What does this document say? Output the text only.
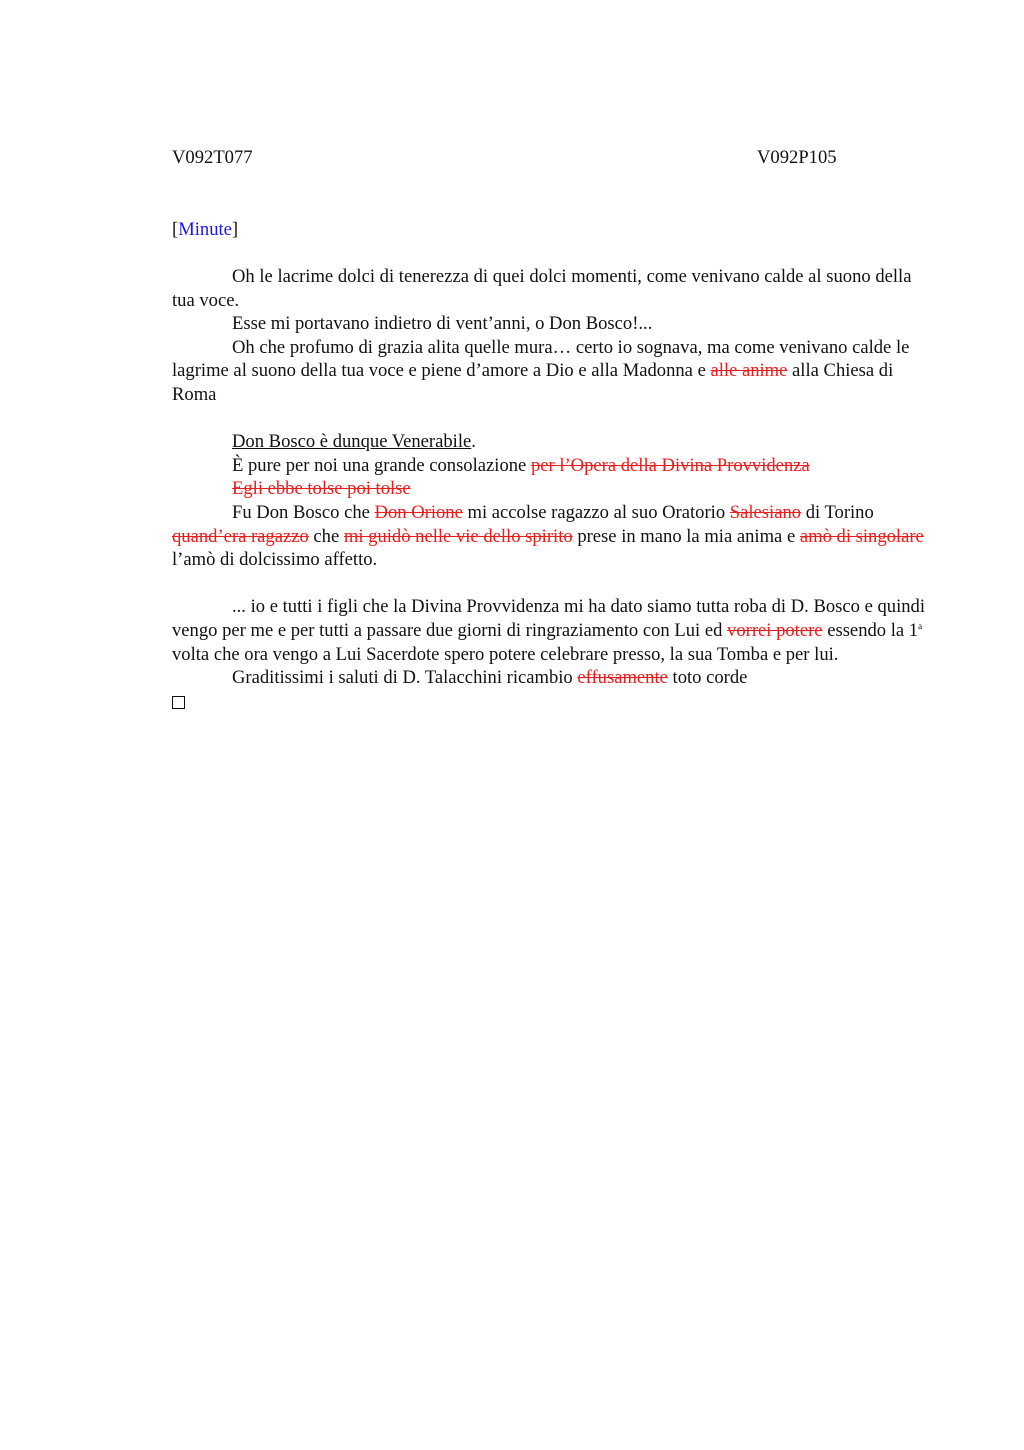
V092T077	V092P105
[Minute]

Oh le lacrime dolci di tenerezza di quei dolci momenti, come venivano calde al suono della tua voce.

Esse mi portavano indietro di vent’anni, o Don Bosco!...

Oh che profumo di grazia alita quelle mura… certo io sognava, ma come venivano calde le lagrime al suono della tua voce e piene d’amore a Dio e alla Madonna e alle anime alla Chiesa di Roma

Don Bosco è dunque Venerabile.

È pure per noi una grande consolazione per l’Opera della Divina Provvidenza

Egli ebbe tolse poi tolse

Fu Don Bosco che Don Orione mi accolse ragazzo al suo Oratorio Salesiano di Torino quand’era ragazzo che mi guidò nelle vie dello spirito prese in mano la mia anima e amò di singolare l’amò di dolcissimo affetto.

... io e tutti i figli che la Divina Provvidenza mi ha dato siamo tutta roba di D. Bosco e quindi vengo per me e per tutti a passare due giorni di ringraziamento con Lui ed vorrei potere essendo la 1$^a$ volta che ora vengo a Lui Sacerdote spero potere celebrare presso, la sua Tomba e per lui.

Graditissimi i saluti di D. Talacchini ricambio effusamente toto corde
